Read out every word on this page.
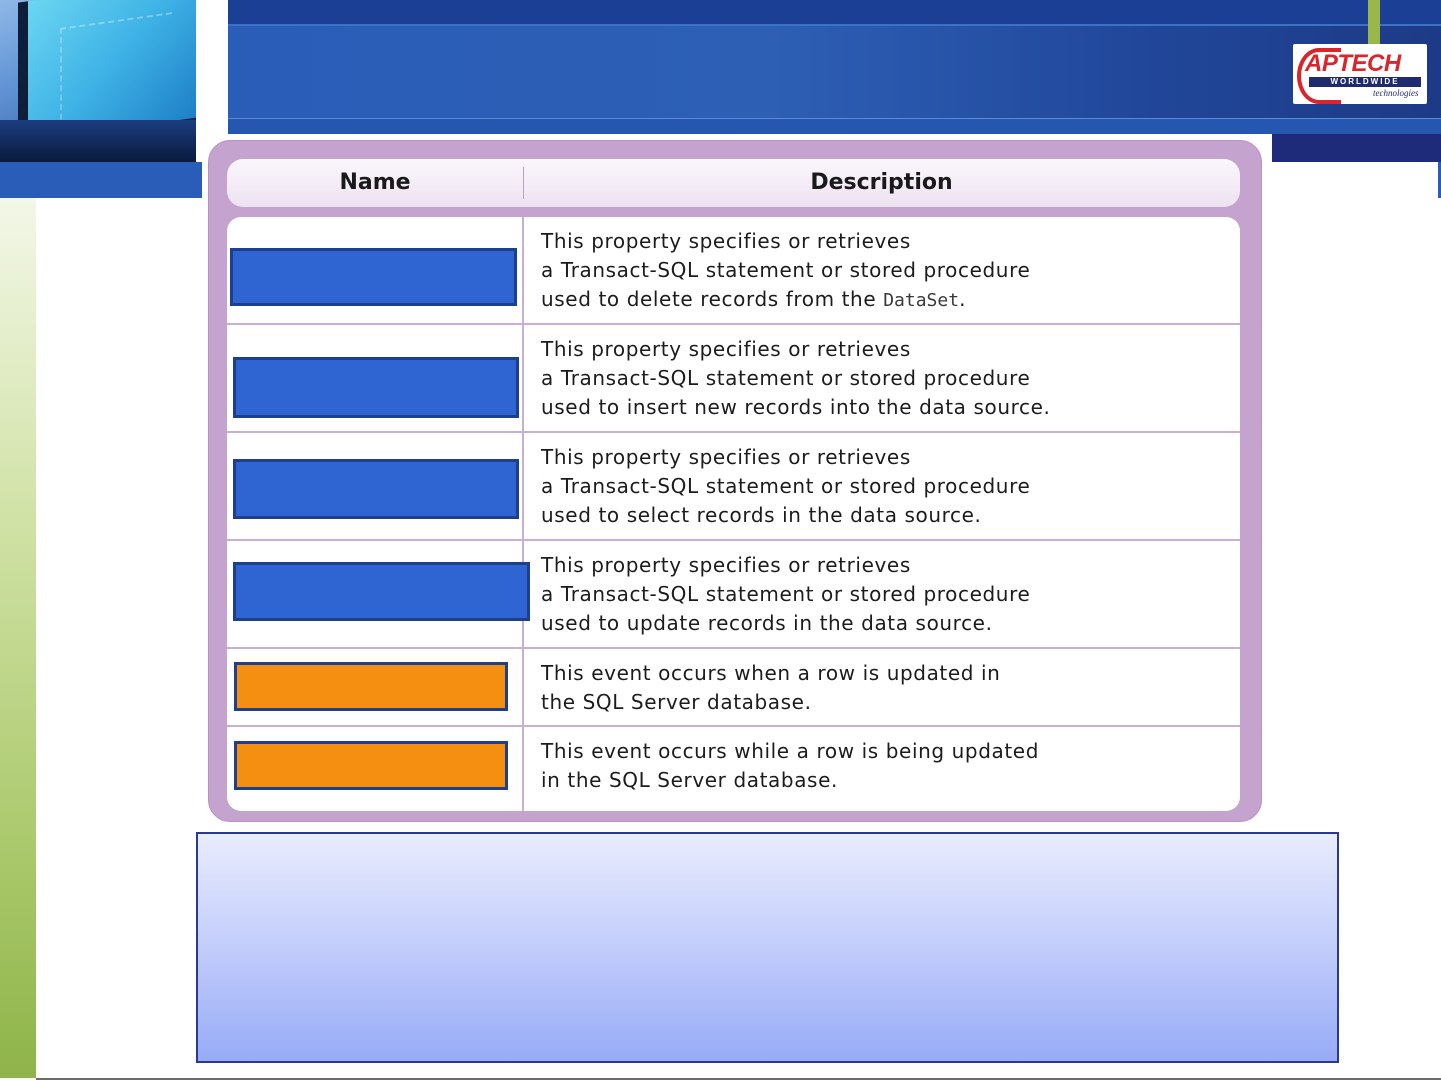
APTECH
WORLDWIDE
technologies
Name	Description
This property specifies or retrieves
a Transact-SQL statement or stored procedure
used to delete records from the DataSet.
This property specifies or retrieves
a Transact-SQL statement or stored procedure
used to insert new records into the data source.
This property specifies or retrieves
a Transact-SQL statement or stored procedure
used to select records in the data source.
This property specifies or retrieves
a Transact-SQL statement or stored procedure
used to update records in the data source.
This event occurs when a row is updated in
the SQL Server database.
This event occurs while a row is being updated
in the SQL Server database.
